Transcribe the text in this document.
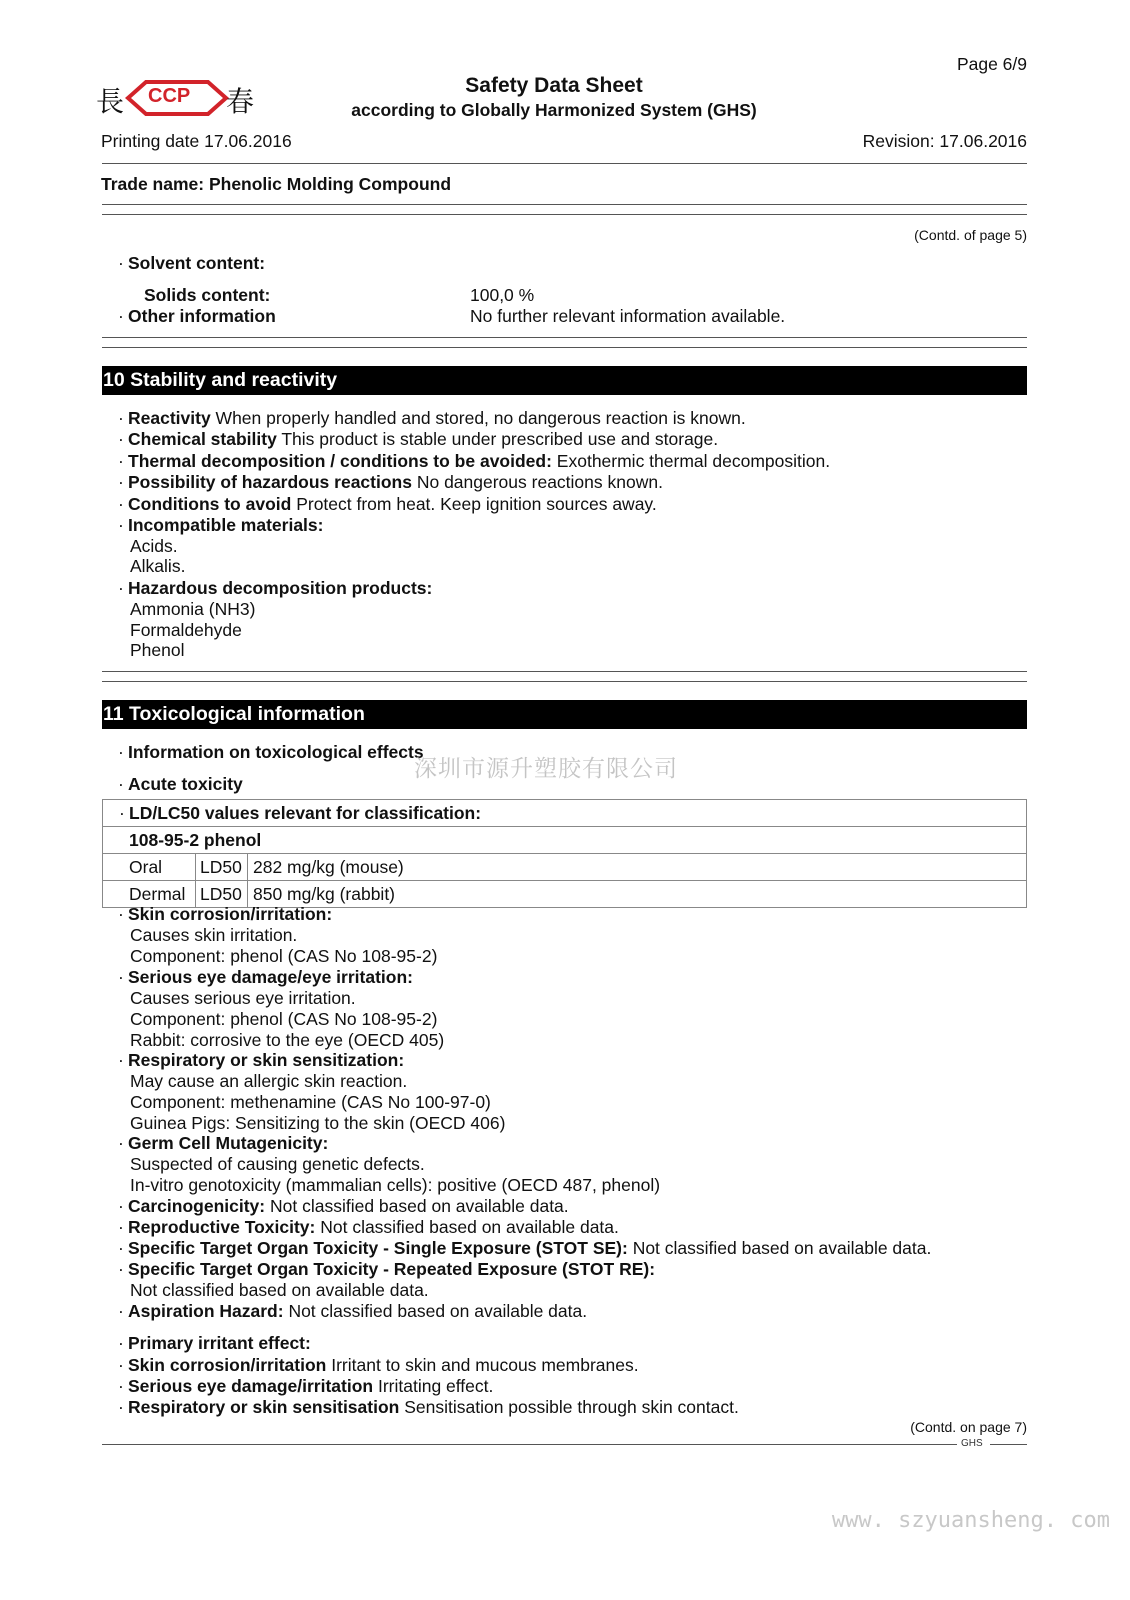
Page 6/9
長 CCP 春	Safety Data Sheet
according to Globally Harmonized System (GHS)
Printing date 17.06.2016	Revision: 17.06.2016
Trade name: Phenolic Molding Compound
(Contd. of page 5)
· Solvent content:
Solids content:	100,0 %
· Other information	No further relevant information available.
10 Stability and reactivity
· Reactivity When properly handled and stored, no dangerous reaction is known.
· Chemical stability This product is stable under prescribed use and storage.
· Thermal decomposition / conditions to be avoided: Exothermic thermal decomposition.
· Possibility of hazardous reactions No dangerous reactions known.
· Conditions to avoid Protect from heat. Keep ignition sources away.
· Incompatible materials:
Acids.
Alkalis.
· Hazardous decomposition products:
Ammonia (NH3)
Formaldehyde
Phenol
11 Toxicological information
· Information on toxicological effects
深圳市源升塑胶有限公司
· Acute toxicity
· LD/LC50 values relevant for classification:
108-95-2 phenol
Oral LD50 282 mg/kg (mouse)
Dermal LD50 850 mg/kg (rabbit)
· Skin corrosion/irritation:
Causes skin irritation.
Component: phenol (CAS No 108-95-2)
· Serious eye damage/eye irritation:
Causes serious eye irritation.
Component: phenol (CAS No 108-95-2)
Rabbit: corrosive to the eye (OECD 405)
· Respiratory or skin sensitization:
May cause an allergic skin reaction.
Component: methenamine (CAS No 100-97-0)
Guinea Pigs: Sensitizing to the skin (OECD 406)
· Germ Cell Mutagenicity:
Suspected of causing genetic defects.
In-vitro genotoxicity (mammalian cells): positive (OECD 487, phenol)
· Carcinogenicity: Not classified based on available data.
· Reproductive Toxicity: Not classified based on available data.
· Specific Target Organ Toxicity - Single Exposure (STOT SE): Not classified based on available data.
· Specific Target Organ Toxicity - Repeated Exposure (STOT RE):
Not classified based on available data.
· Aspiration Hazard: Not classified based on available data.
· Primary irritant effect:
· Skin corrosion/irritation Irritant to skin and mucous membranes.
· Serious eye damage/irritation Irritating effect.
· Respiratory or skin sensitisation Sensitisation possible through skin contact.
(Contd. on page 7)
GHS
www. szyuansheng. com
